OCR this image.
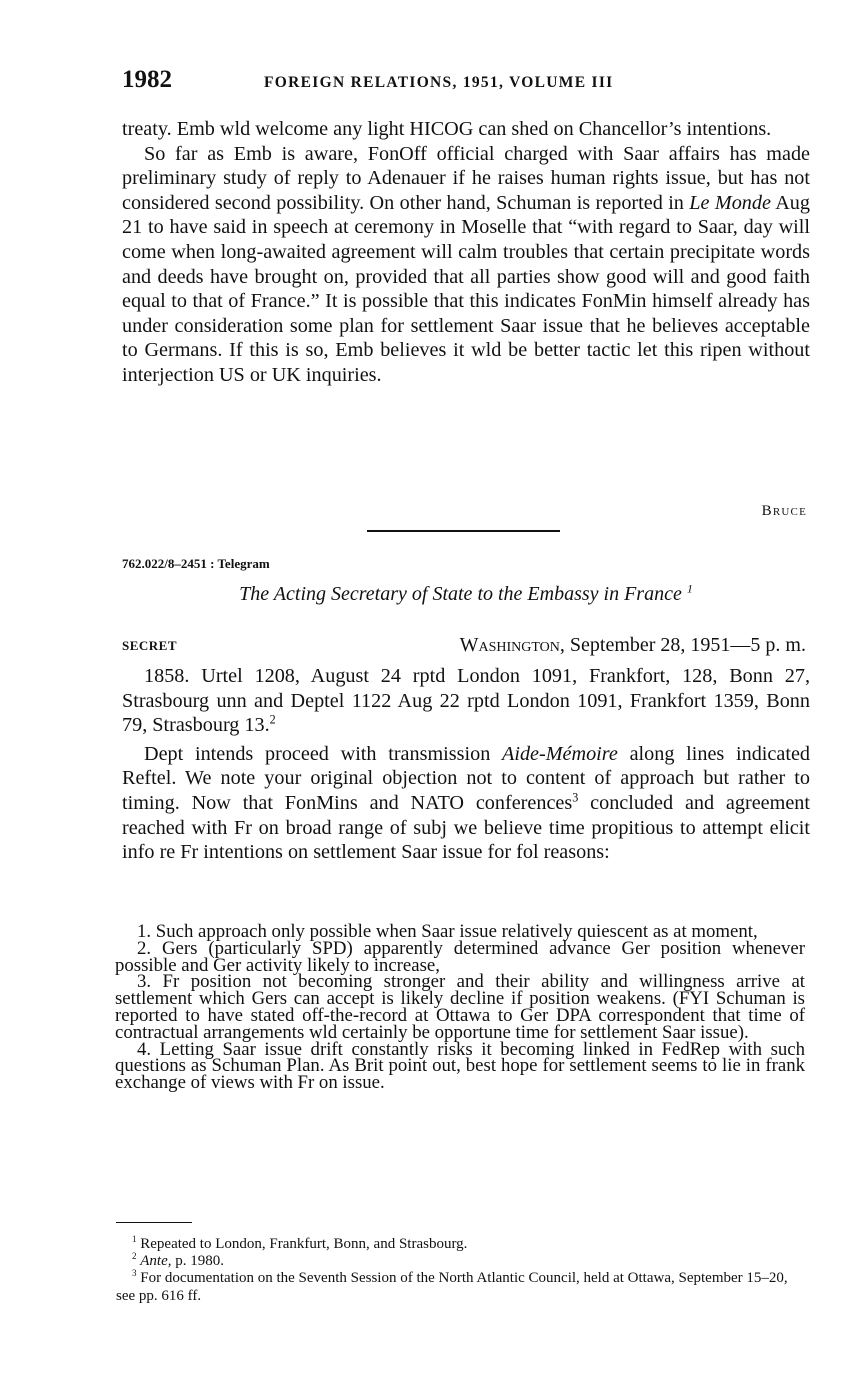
1982	FOREIGN RELATIONS, 1951, VOLUME III

treaty. Emb wld welcome any light HICOG can shed on Chancellor’s intentions.

So far as Emb is aware, FonOff official charged with Saar affairs has made preliminary study of reply to Adenauer if he raises human rights issue, but has not considered second possibility. On other hand, Schuman is reported in Le Monde Aug 21 to have said in speech at ceremony in Moselle that “with regard to Saar, day will come when long-awaited agreement will calm troubles that certain precipitate words and deeds have brought on, provided that all parties show good will and good faith equal to that of France.” It is possible that this indicates FonMin himself already has under consideration some plan for settlement Saar issue that he believes acceptable to Germans. If this is so, Emb believes it wld be better tactic let this ripen without interjection US or UK inquiries.

Bruce
762.022/8–2451 : Telegram
The Acting Secretary of State to the Embassy in France $^1$
SECRET	Washington, September 28, 1951—5 p. m.

1858. Urtel 1208, August 24 rptd London 1091, Frankfort, 128, Bonn 27, Strasbourg unn and Deptel 1122 Aug 22 rptd London 1091, Frankfort 1359, Bonn 79, Strasbourg 13.$^2$

Dept intends proceed with transmission Aide-Mémoire along lines indicated Reftel. We note your original objection not to content of approach but rather to timing. Now that FonMins and NATO conferences$^3$ concluded and agreement reached with Fr on broad range of subj we believe time propitious to attempt elicit info re Fr intentions on settlement Saar issue for fol reasons:

1. Such approach only possible when Saar issue relatively quiescent as at moment,

2. Gers (particularly SPD) apparently determined advance Ger position whenever possible and Ger activity likely to increase,

3. Fr position not becoming stronger and their ability and willingness arrive at settlement which Gers can accept is likely decline if position weakens. (FYI Schuman is reported to have stated off-the-record at Ottawa to Ger DPA correspondent that time of contractual arrangements wld certainly be opportune time for settlement Saar issue).

4. Letting Saar issue drift constantly risks it becoming linked in FedRep with such questions as Schuman Plan. As Brit point out, best hope for settlement seems to lie in frank exchange of views with Fr on issue.

$^1$ Repeated to London, Frankfurt, Bonn, and Strasbourg.

$^2$ Ante, p. 1980.

$^3$ For documentation on the Seventh Session of the North Atlantic Council, held at Ottawa, September 15–20, see pp. 616 ff.
